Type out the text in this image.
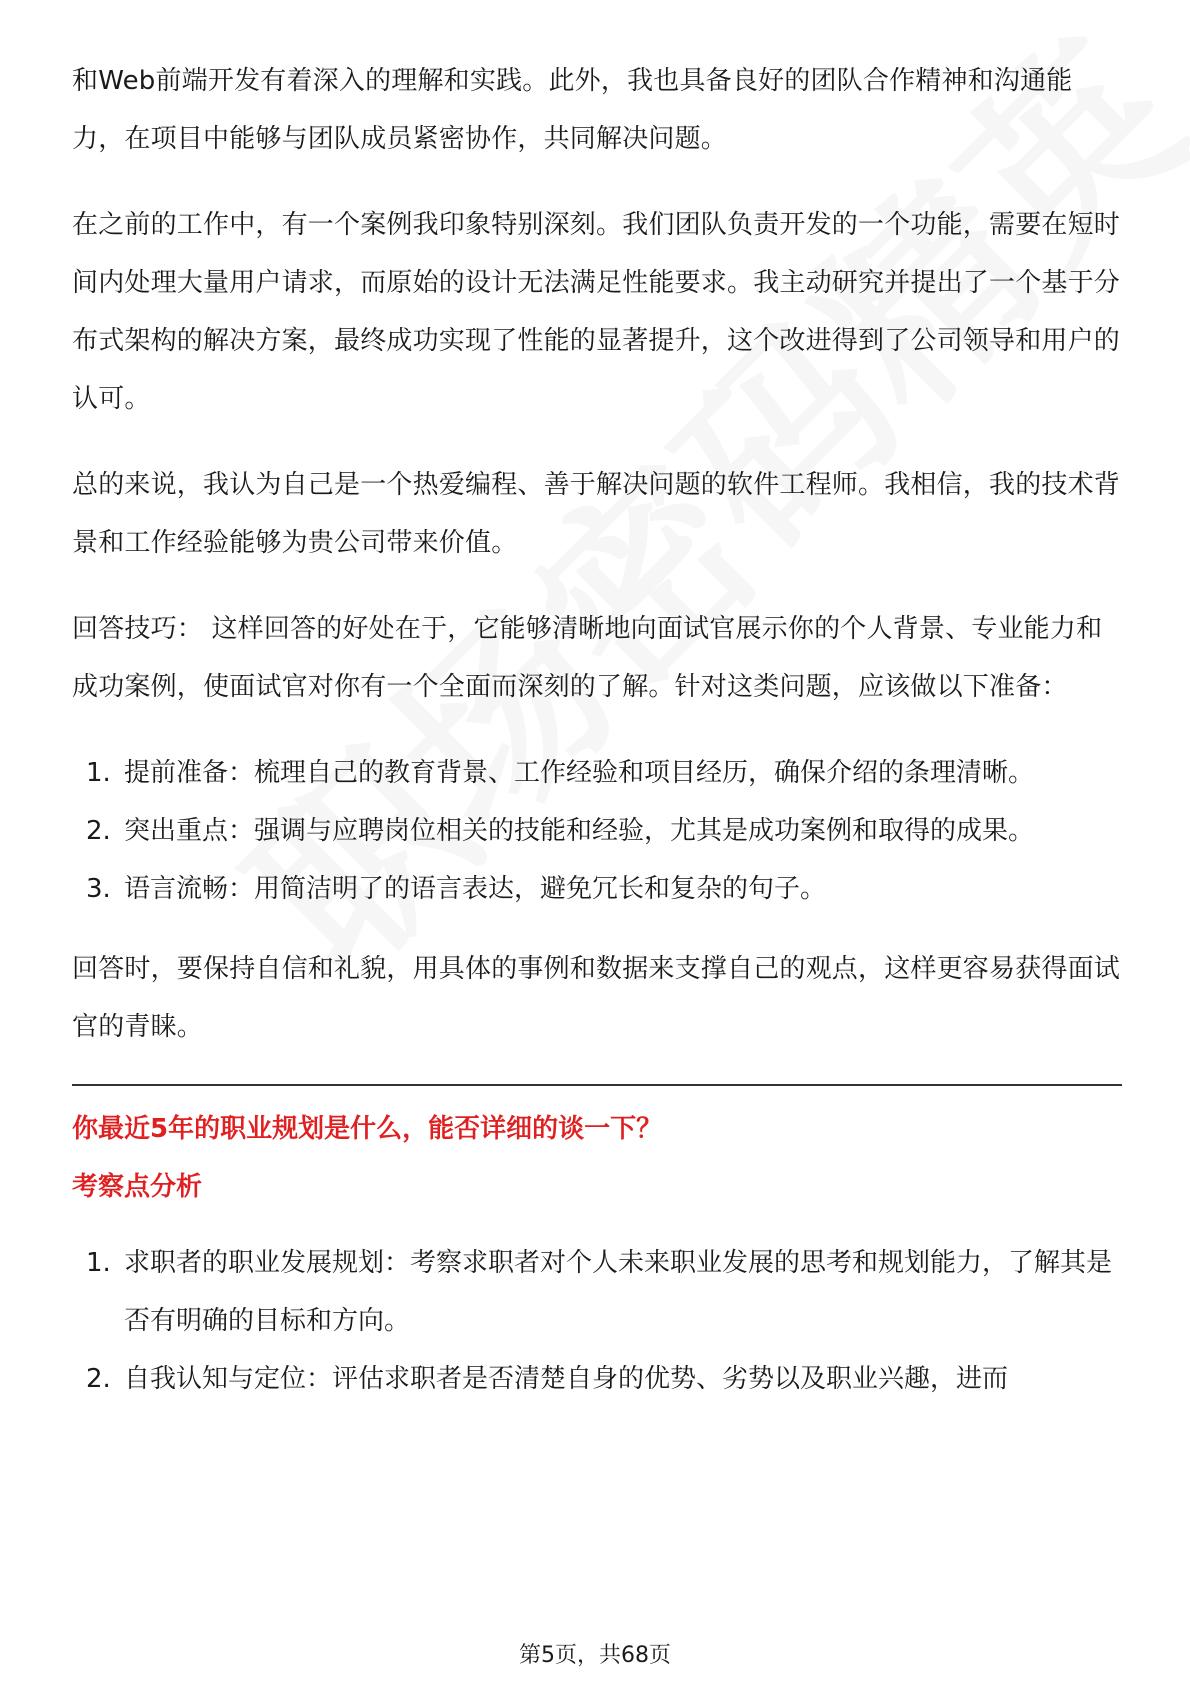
和Web前端开发有着深入的理解和实践。此外，我也具备良好的团队合作精神和沟通能力，在项目中能够与团队成员紧密协作，共同解决问题。

在之前的工作中，有一个案例我印象特别深刻。我们团队负责开发的一个功能，需要在短时间内处理大量用户请求，而原始的设计无法满足性能要求。我主动研究并提出了一个基于分布式架构的解决方案，最终成功实现了性能的显著提升，这个改进得到了公司领导和用户的认可。

总的来说，我认为自己是一个热爱编程、善于解决问题的软件工程师。我相信，我的技术背景和工作经验能够为贵公司带来价值。

回答技巧： 这样回答的好处在于，它能够清晰地向面试官展示你的个人背景、专业能力和成功案例，使面试官对你有一个全面而深刻的了解。针对这类问题，应该做以下准备：

1. 提前准备：梳理自己的教育背景、工作经验和项目经历，确保介绍的条理清晰。
2. 突出重点：强调与应聘岗位相关的技能和经验，尤其是成功案例和取得的成果。
3. 语言流畅：用简洁明了的语言表达，避免冗长和复杂的句子。

回答时，要保持自信和礼貌，用具体的事例和数据来支撑自己的观点，这样更容易获得面试官的青睐。

你最近5年的职业规划是什么，能否详细的谈一下？

考察点分析

1. 求职者的职业发展规划：考察求职者对个人未来职业发展的思考和规划能力，了解其是否有明确的目标和方向。
2. 自我认知与定位：评估求职者是否清楚自身的优势、劣势以及职业兴趣，进而
第5页，共68页
